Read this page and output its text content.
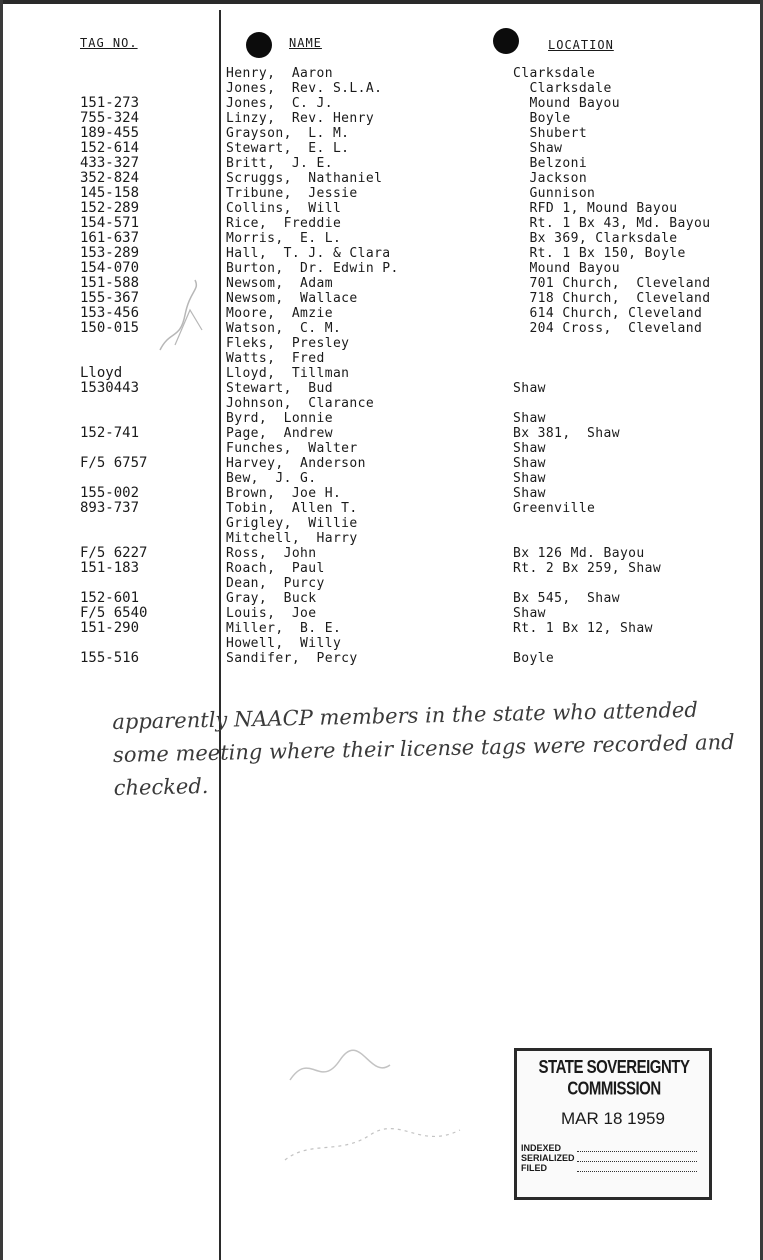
TAG NO.	NAME	LOCATION
151-273
755-324
189-455
152-614
433-327
352-824
145-158
152-289
154-571
161-637
153-289
154-070
151-588
155-367
153-456
150-015
Lloyd
1530443
152-741
F/5 6757
155-002
893-737
F/5 6227
151-183
152-601
F/5 6540
151-290
155-516
Henry,  Aaron
Jones,  Rev. S.L.A.
Jones,  C. J.
Linzy,  Rev. Henry
Grayson,  L. M.
Stewart,  E. L.
Britt,  J. E.
Scruggs,  Nathaniel
Tribune,  Jessie
Collins,  Will
Rice,  Freddie
Morris,  E. L.
Hall,  T. J. & Clara
Burton,  Dr. Edwin P.
Newsom,  Adam
Newsom,  Wallace
Moore,  Amzie
Watson,  C. M.
Fleks,  Presley
Watts,  Fred
Lloyd,  Tillman
Stewart,  Bud
Johnson,  Clarance
Byrd,  Lonnie
Page,  Andrew
Funches,  Walter
Harvey,  Anderson
Bew,  J. G.
Brown,  Joe H.
Tobin,  Allen T.
Grigley,  Willie
Mitchell,  Harry
Ross,  John
Roach,  Paul
Dean,  Purcy
Gray,  Buck
Louis,  Joe
Miller,  B. E.
Howell,  Willy
Sandifer,  Percy
Clarksdale
Clarksdale
Mound Bayou
Boyle
Shubert
Shaw
Belzoni
Jackson
Gunnison
RFD 1, Mound Bayou
Rt. 1 Bx 43, Md. Bayou
Bx 369, Clarksdale
Rt. 1 Bx 150, Boyle
Mound Bayou
701 Church,  Cleveland
718 Church,  Cleveland
614 Church, Cleveland
204 Cross,  Cleveland
Shaw
Shaw
Bx 381,  Shaw
Shaw
Shaw
Shaw
Shaw
Greenville
Bx 126 Md. Bayou
Rt. 2 Bx 259, Shaw
Bx 545,  Shaw
Shaw
Rt. 1 Bx 12, Shaw
Boyle
apparently NAACP members in the state who attended some meeting where their license tags were recorded and checked.
STATE SOVEREIGNTY COMMISSION
MAR 18 1959
INDEXED
SERIALIZED
FILED
